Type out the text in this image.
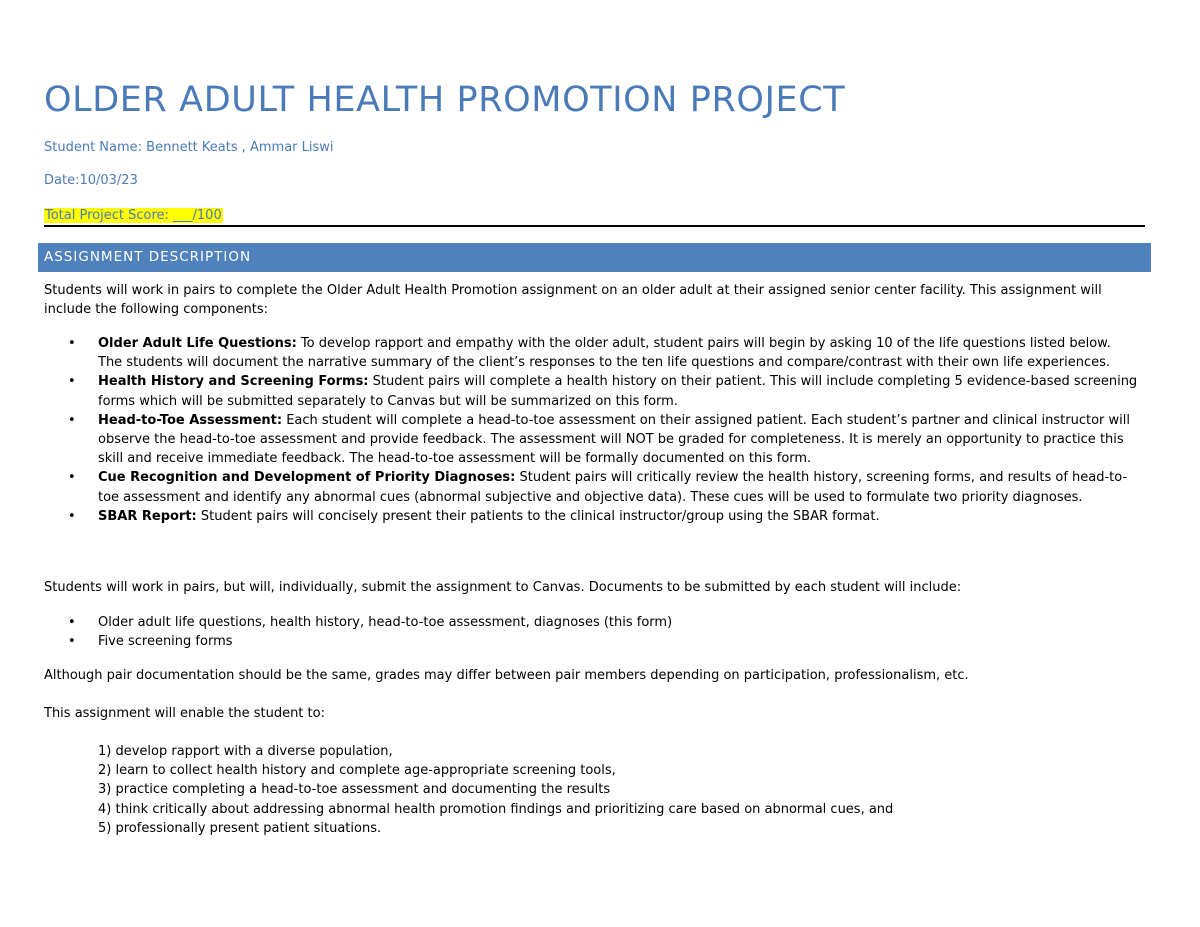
OLDER ADULT HEALTH PROMOTION PROJECT
Student Name: Bennett Keats , Ammar Liswi
Date:10/03/23
Total Project Score: ___/100
ASSIGNMENT DESCRIPTION
Students will work in pairs to complete the Older Adult Health Promotion assignment on an older adult at their assigned senior center facility. This assignment will include the following components:
• Older Adult Life Questions: To develop rapport and empathy with the older adult, student pairs will begin by asking 10 of the life questions listed below. The students will document the narrative summary of the client’s responses to the ten life questions and compare/contrast with their own life experiences.
• Health History and Screening Forms: Student pairs will complete a health history on their patient. This will include completing 5 evidence-based screening forms which will be submitted separately to Canvas but will be summarized on this form.
• Head-to-Toe Assessment: Each student will complete a head-to-toe assessment on their assigned patient. Each student’s partner and clinical instructor will observe the head-to-toe assessment and provide feedback. The assessment will NOT be graded for completeness. It is merely an opportunity to practice this skill and receive immediate feedback. The head-to-toe assessment will be formally documented on this form.
• Cue Recognition and Development of Priority Diagnoses: Student pairs will critically review the health history, screening forms, and results of head-to-toe assessment and identify any abnormal cues (abnormal subjective and objective data). These cues will be used to formulate two priority diagnoses.
• SBAR Report: Student pairs will concisely present their patients to the clinical instructor/group using the SBAR format.
Students will work in pairs, but will, individually, submit the assignment to Canvas. Documents to be submitted by each student will include:
• Older adult life questions, health history, head-to-toe assessment, diagnoses (this form)
• Five screening forms
Although pair documentation should be the same, grades may differ between pair members depending on participation, professionalism, etc.
This assignment will enable the student to:
1) develop rapport with a diverse population,
2) learn to collect health history and complete age-appropriate screening tools,
3) practice completing a head-to-toe assessment and documenting the results
4) think critically about addressing abnormal health promotion findings and prioritizing care based on abnormal cues, and
5) professionally present patient situations.
